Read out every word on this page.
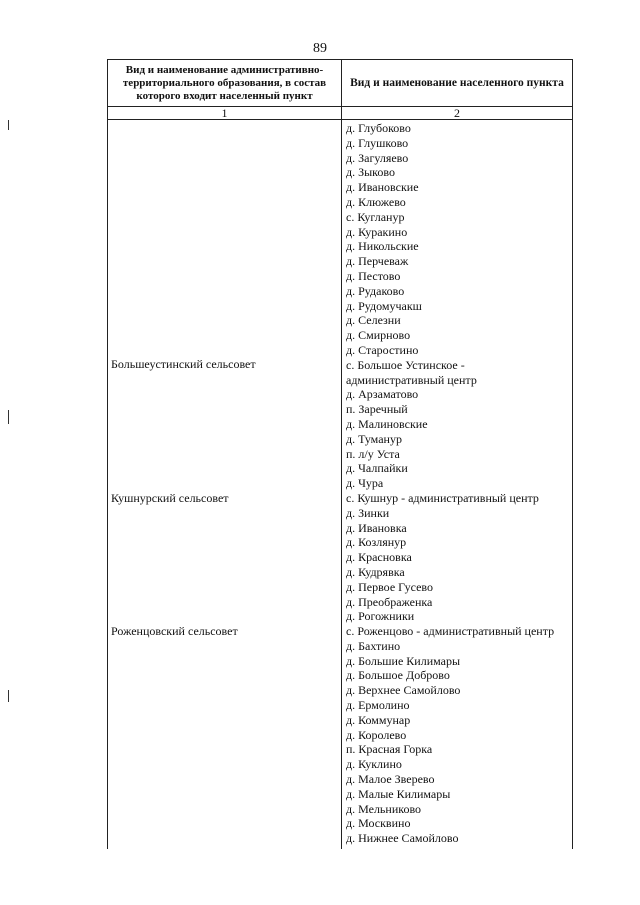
89
Вид и наименование административно-территориального образования, в состав которого входит населенный пункт
Вид и наименование населенного пункта
1	2
Большеустинский сельсовет
Кушнурский сельсовет
Роженцовский сельсовет
д. Глубоково
д. Глушково
д. Загуляево
д. Зыково
д. Ивановские
д. Клюжево
с. Кугланур
д. Куракино
д. Никольские
д. Перчеваж
д. Пестово
д. Рудаково
д. Рудомучакш
д. Селезни
д. Смирново
д. Старостино
с. Большое Устинское -
административный центр
д. Арзаматово
п. Заречный
д. Малиновские
д. Туманур
п. л/у Уста
д. Чалпайки
д. Чура
с. Кушнур - административный центр
д. Зинки
д. Ивановка
д. Козлянур
д. Красновка
д. Кудрявка
д. Первое Гусево
д. Преображенка
д. Рогожники
с. Роженцово - административный центр
д. Бахтино
д. Большие Килимары
д. Большое Доброво
д. Верхнее Самойлово
д. Ермолино
д. Коммунар
д. Королево
п. Красная Горка
д. Куклино
д. Малое Зверево
д. Малые Килимары
д. Мельниково
д. Москвино
д. Нижнее Самойлово
